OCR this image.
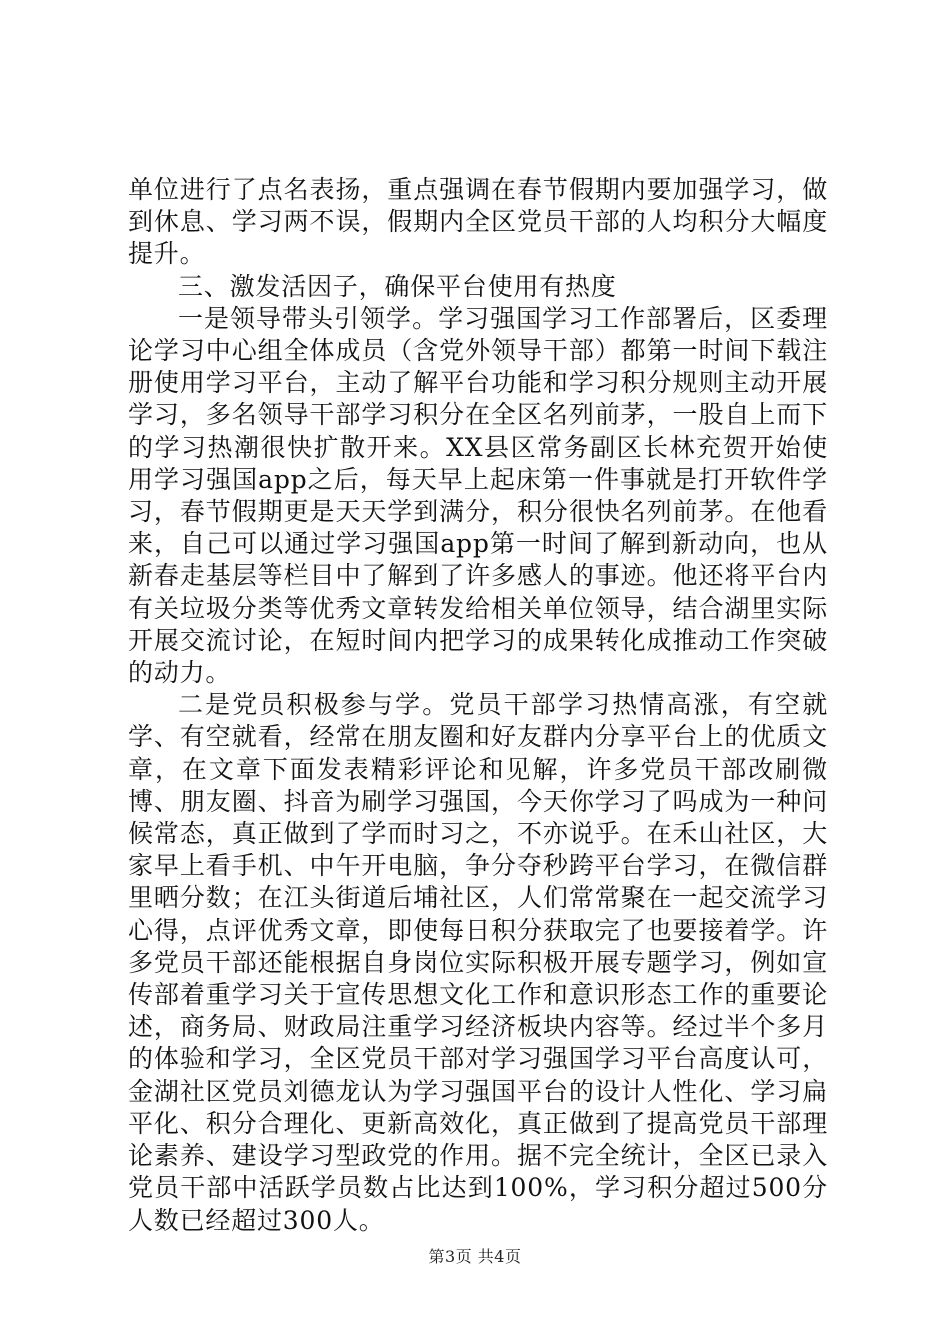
单位进行了点名表扬，重点强调在春节假期内要加强学习，做到休息、学习两不误，假期内全区党员干部的人均积分大幅度提升。

三、激发活因子，确保平台使用有热度

一是领导带头引领学。学习强国学习工作部署后，区委理论学习中心组全体成员（含党外领导干部）都第一时间下载注册使用学习平台，主动了解平台功能和学习积分规则主动开展学习，多名领导干部学习积分在全区名列前茅，一股自上而下的学习热潮很快扩散开来。XX县区常务副区长林充贺开始使用学习强国app之后，每天早上起床第一件事就是打开软件学习，春节假期更是天天学到满分，积分很快名列前茅。在他看来，自己可以通过学习强国app第一时间了解到新动向，也从新春走基层等栏目中了解到了许多感人的事迹。他还将平台内有关垃圾分类等优秀文章转发给相关单位领导，结合湖里实际开展交流讨论，在短时间内把学习的成果转化成推动工作突破的动力。

二是党员积极参与学。党员干部学习热情高涨，有空就学、有空就看，经常在朋友圈和好友群内分享平台上的优质文章，在文章下面发表精彩评论和见解，许多党员干部改刷微博、朋友圈、抖音为刷学习强国，今天你学习了吗成为一种问候常态，真正做到了学而时习之，不亦说乎。在禾山社区，大家早上看手机、中午开电脑，争分夺秒跨平台学习，在微信群里晒分数；在江头街道后埔社区，人们常常聚在一起交流学习心得，点评优秀文章，即使每日积分获取完了也要接着学。许多党员干部还能根据自身岗位实际积极开展专题学习，例如宣传部着重学习关于宣传思想文化工作和意识形态工作的重要论述，商务局、财政局注重学习经济板块内容等。经过半个多月的体验和学习，全区党员干部对学习强国学习平台高度认可，金湖社区党员刘德龙认为学习强国平台的设计人性化、学习扁平化、积分合理化、更新高效化，真正做到了提高党员干部理论素养、建设学习型政党的作用。据不完全统计，全区已录入党员干部中活跃学员数占比达到100%，学习积分超过500分人数已经超过300人。

第3页 共4页
